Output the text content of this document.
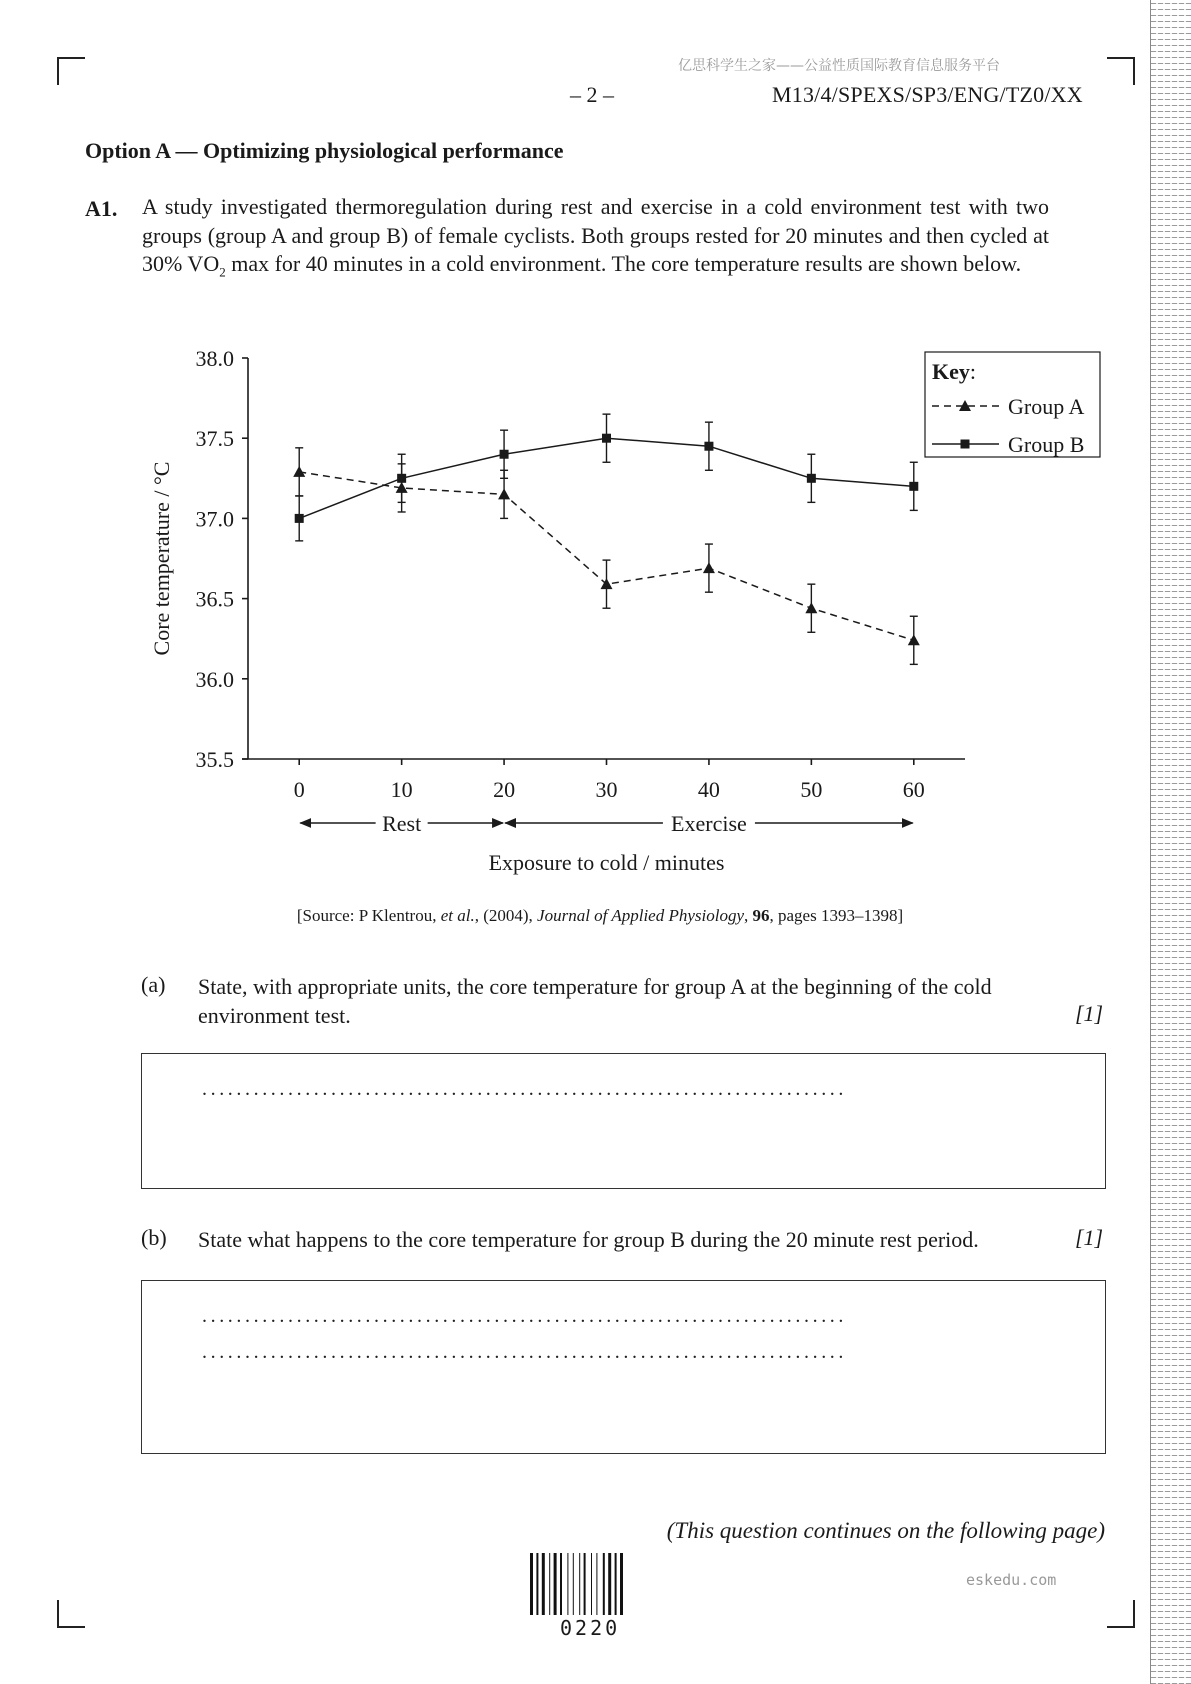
亿思科学生之家——公益性质国际教育信息服务平台
– 2 –	M13/4/SPEXS/SP3/ENG/TZ0/XX
Option A — Optimizing physiological performance
A1. A study investigated thermoregulation during rest and exercise in a cold environment test with two groups (group A and group B) of female cyclists. Both groups rested for 20 minutes and then cycled at 30% $VO_2$ max for 40 minutes in a cold environment. The core temperature results are shown below.
38.0
37.5
37.0
36.5
36.0
35.5
0	10	20	30	40	50	60
Core temperature / °C
Exposure to cold / minutes
Rest	Exercise
Key:
Group A
Group B
[Source: P Klentrou, et al., (2004), Journal of Applied Physiology, 96, pages 1393–1398]
(a) State, with appropriate units, the core temperature for group A at the beginning of the cold environment test.	[1]
...........................................................................
(b) State what happens to the core temperature for group B during the 20 minute rest period.	[1]
...........................................................................
...........................................................................
(This question continues on the following page)
0220
eskedu.com
